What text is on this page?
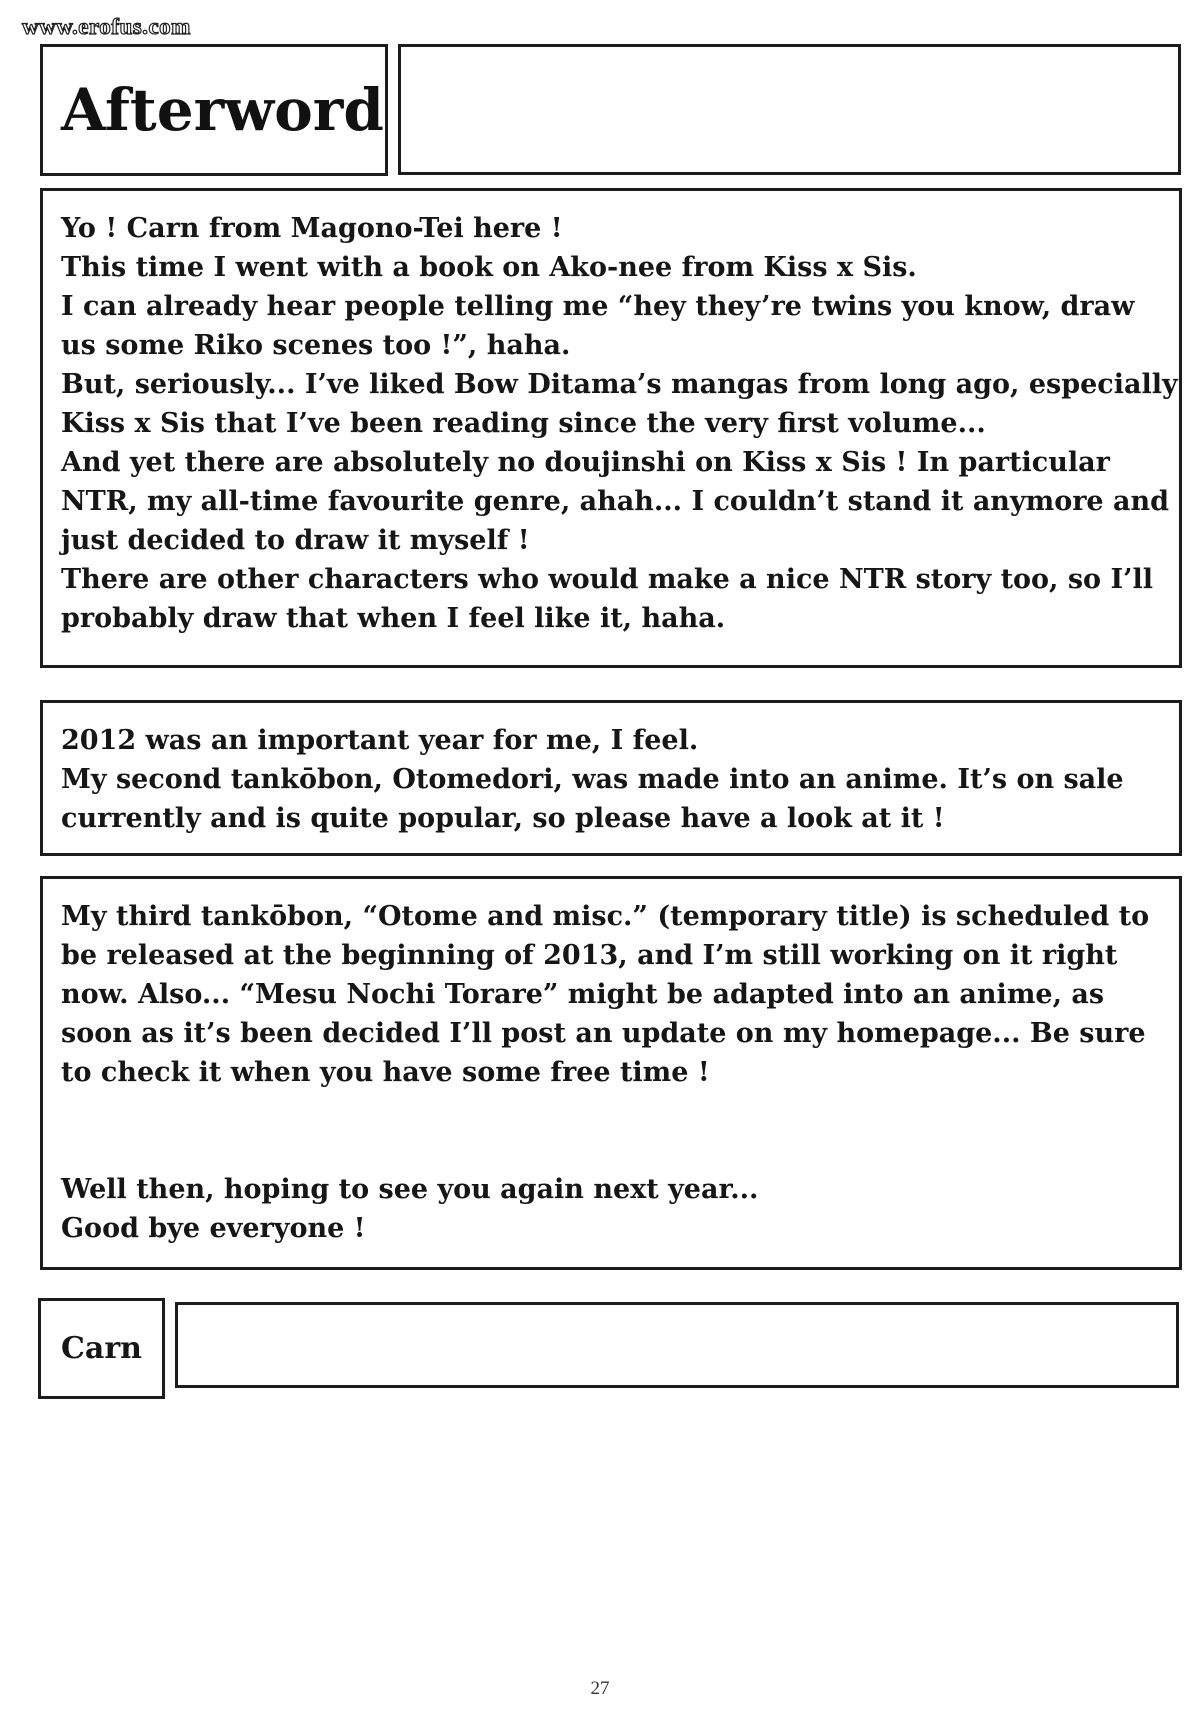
www.erofus.com
Afterword

Yo ! Carn from Magono-Tei here !

This time I went with a book on Ako-nee from Kiss x Sis.

I can already hear people telling me “hey they’re twins you know, draw

us some Riko scenes too !”, haha.

But, seriously... I’ve liked Bow Ditama’s mangas from long ago, especially

Kiss x Sis that I’ve been reading since the very first volume...

And yet there are absolutely no doujinshi on Kiss x Sis ! In particular

NTR, my all-time favourite genre, ahah... I couldn’t stand it anymore and

just decided to draw it myself !

There are other characters who would make a nice NTR story too, so I’ll

probably draw that when I feel like it, haha.

2012 was an important year for me, I feel.

My second tankōbon, Otomedori, was made into an anime. It’s on sale

currently and is quite popular, so please have a look at it !

My third tankōbon, “Otome and misc.” (temporary title) is scheduled to

be released at the beginning of 2013, and I’m still working on it right

now. Also... “Mesu Nochi Torare” might be adapted into an anime, as

soon as it’s been decided I’ll post an update on my homepage... Be sure

to check it when you have some free time !

Well then, hoping to see you again next year...

Good bye everyone !

Carn
27
